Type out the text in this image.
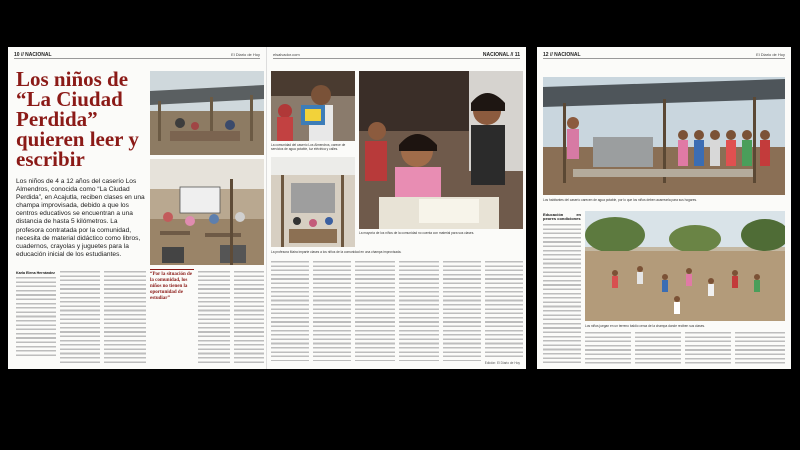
10 // NACIONAL	El Diario de Hoy
Los niños de “La Ciudad Perdida” quieren leer y escribir

Los niños de 4 a 12 años del caserío Los Almendros, conocida como “La Ciudad Perdida”, en Acajutla, reciben clases en una champa improvisada, debido a que los centros educativos se encuentran a una distancia de hasta 5 kilómetros. La profesora contratada por la comunidad, necesita de material didáctico como libros, cuadernos, crayolas y juguetes para la educación inicial de los estudiantes.

“Por la situación de la comunidad, los niños no tienen la oportunidad de estudiar”
Karla Elena Hernández
elsalvador.com	NACIONAL // 11
La comunidad del caserío Los Almendros, carece de servicios de agua potable, luz eléctrica y calles.
La mayoría de los niños de la comunidad no cuenta con material para sus clases.
La profesora Maira imparte clases a los niños de la comunidad en una champa improvisada.
Edición: El Diario de Hoy
12 // NACIONAL	El Diario de Hoy
Los habitantes del caserío carecen de agua potable, por lo que los niños deben acarrearla para sus hogares.
Educación en peores condiciones
Los niños juegan en un terreno baldío cerca de la champa donde reciben sus clases.
